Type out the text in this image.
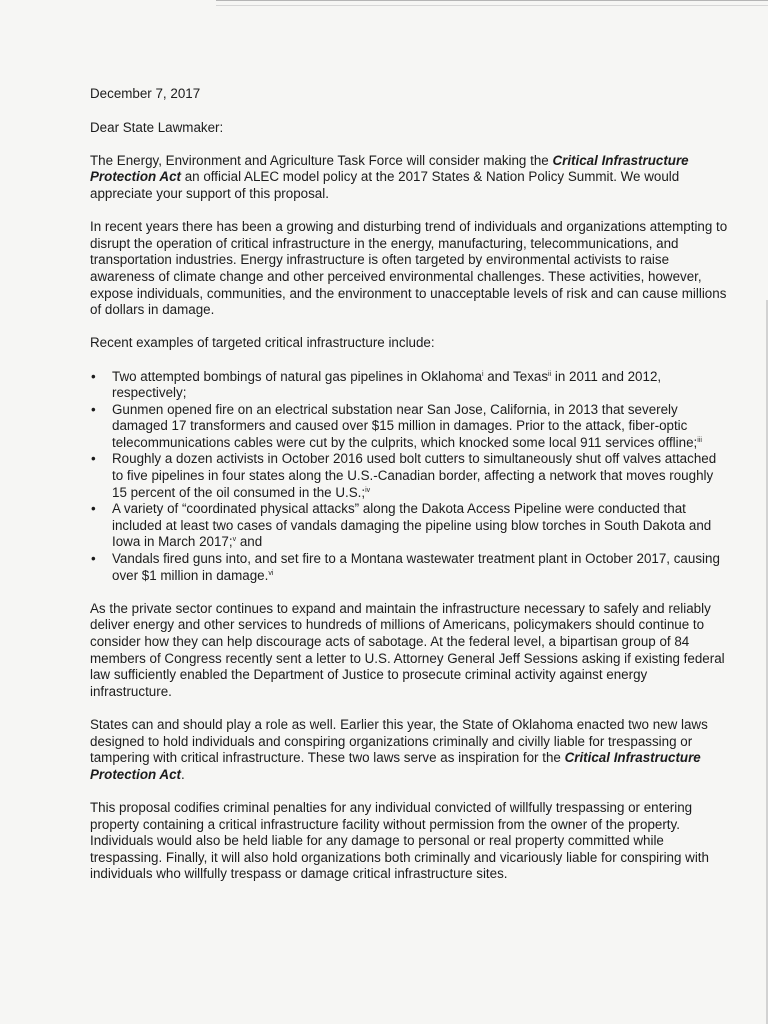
December 7, 2017

Dear State Lawmaker:

The Energy, Environment and Agriculture Task Force will consider making the Critical Infrastructure Protection Act an official ALEC model policy at the 2017 States & Nation Policy Summit. We would appreciate your support of this proposal.

In recent years there has been a growing and disturbing trend of individuals and organizations attempting to disrupt the operation of critical infrastructure in the energy, manufacturing, telecommunications, and transportation industries. Energy infrastructure is often targeted by environmental activists to raise awareness of climate change and other perceived environmental challenges. These activities, however, expose individuals, communities, and the environment to unacceptable levels of risk and can cause millions of dollars in damage.

Recent examples of targeted critical infrastructure include:

• Two attempted bombings of natural gas pipelines in Oklahoma$^i$ and Texas$^{ii}$ in 2011 and 2012, respectively;
• Gunmen opened fire on an electrical substation near San Jose, California, in 2013 that severely damaged 17 transformers and caused over $15 million in damages. Prior to the attack, fiber-optic telecommunications cables were cut by the culprits, which knocked some local 911 services offline;$^{iii}$
• Roughly a dozen activists in October 2016 used bolt cutters to simultaneously shut off valves attached to five pipelines in four states along the U.S.-Canadian border, affecting a network that moves roughly 15 percent of the oil consumed in the U.S.;$^{iv}$
• A variety of “coordinated physical attacks” along the Dakota Access Pipeline were conducted that included at least two cases of vandals damaging the pipeline using blow torches in South Dakota and Iowa in March 2017;$^v$ and
• Vandals fired guns into, and set fire to a Montana wastewater treatment plant in October 2017, causing over $1 million in damage.$^{vi}$

As the private sector continues to expand and maintain the infrastructure necessary to safely and reliably deliver energy and other services to hundreds of millions of Americans, policymakers should continue to consider how they can help discourage acts of sabotage. At the federal level, a bipartisan group of 84 members of Congress recently sent a letter to U.S. Attorney General Jeff Sessions asking if existing federal law sufficiently enabled the Department of Justice to prosecute criminal activity against energy infrastructure.

States can and should play a role as well. Earlier this year, the State of Oklahoma enacted two new laws designed to hold individuals and conspiring organizations criminally and civilly liable for trespassing or tampering with critical infrastructure. These two laws serve as inspiration for the Critical Infrastructure Protection Act.

This proposal codifies criminal penalties for any individual convicted of willfully trespassing or entering property containing a critical infrastructure facility without permission from the owner of the property. Individuals would also be held liable for any damage to personal or real property committed while trespassing. Finally, it will also hold organizations both criminally and vicariously liable for conspiring with individuals who willfully trespass or damage critical infrastructure sites.
